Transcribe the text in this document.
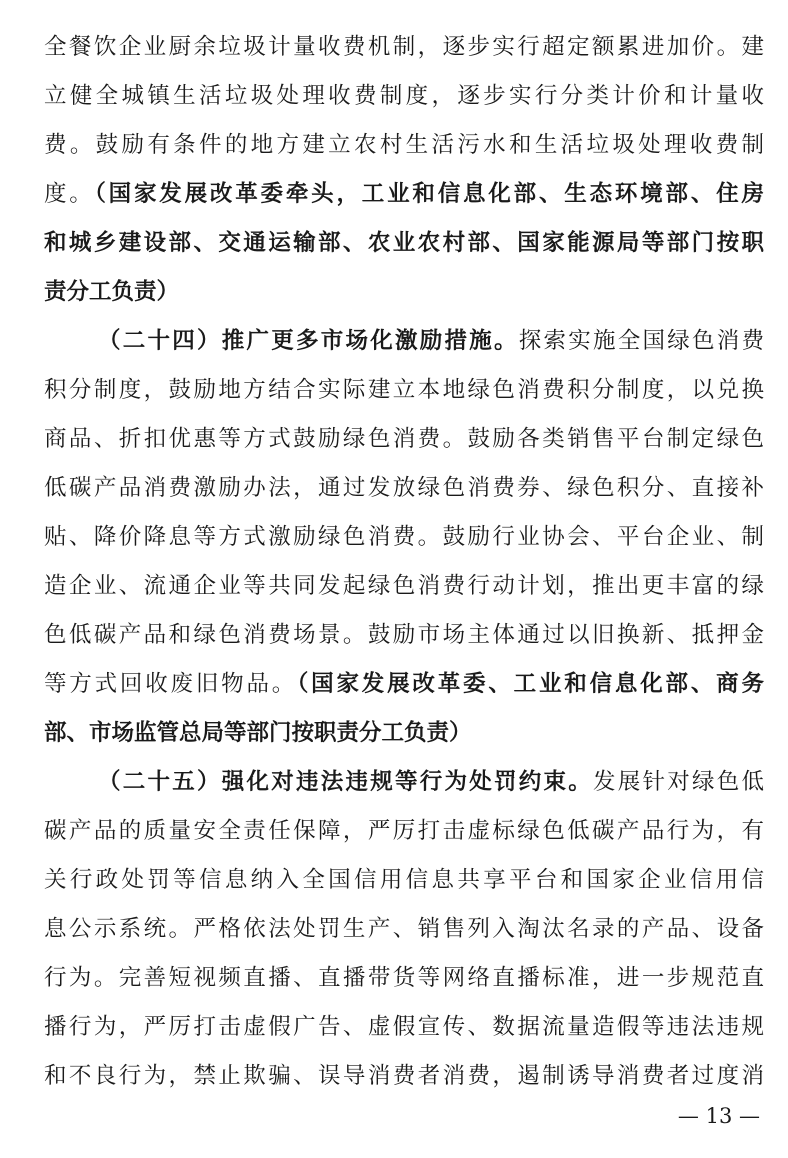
全餐饮企业厨余垃圾计量收费机制，逐步实行超定额累进加价。建
立健全城镇生活垃圾处理收费制度，逐步实行分类计价和计量收
费。鼓励有条件的地方建立农村生活污水和生活垃圾处理收费制
度。（国家发展改革委牵头，工业和信息化部、生态环境部、住房
和城乡建设部、交通运输部、农业农村部、国家能源局等部门按职
责分工负责）
（二十四）推广更多市场化激励措施。探索实施全国绿色消费
积分制度，鼓励地方结合实际建立本地绿色消费积分制度，以兑换
商品、折扣优惠等方式鼓励绿色消费。鼓励各类销售平台制定绿色
低碳产品消费激励办法，通过发放绿色消费券、绿色积分、直接补
贴、降价降息等方式激励绿色消费。鼓励行业协会、平台企业、制
造企业、流通企业等共同发起绿色消费行动计划，推出更丰富的绿
色低碳产品和绿色消费场景。鼓励市场主体通过以旧换新、抵押金
等方式回收废旧物品。（国家发展改革委、工业和信息化部、商务
部、市场监管总局等部门按职责分工负责）
（二十五）强化对违法违规等行为处罚约束。发展针对绿色低
碳产品的质量安全责任保障，严厉打击虚标绿色低碳产品行为，有
关行政处罚等信息纳入全国信用信息共享平台和国家企业信用信
息公示系统。严格依法处罚生产、销售列入淘汰名录的产品、设备
行为。完善短视频直播、直播带货等网络直播标准，进一步规范直
播行为，严厉打击虚假广告、虚假宣传、数据流量造假等违法违规
和不良行为，禁止欺骗、误导消费者消费，遏制诱导消费者过度消
— 13 —
